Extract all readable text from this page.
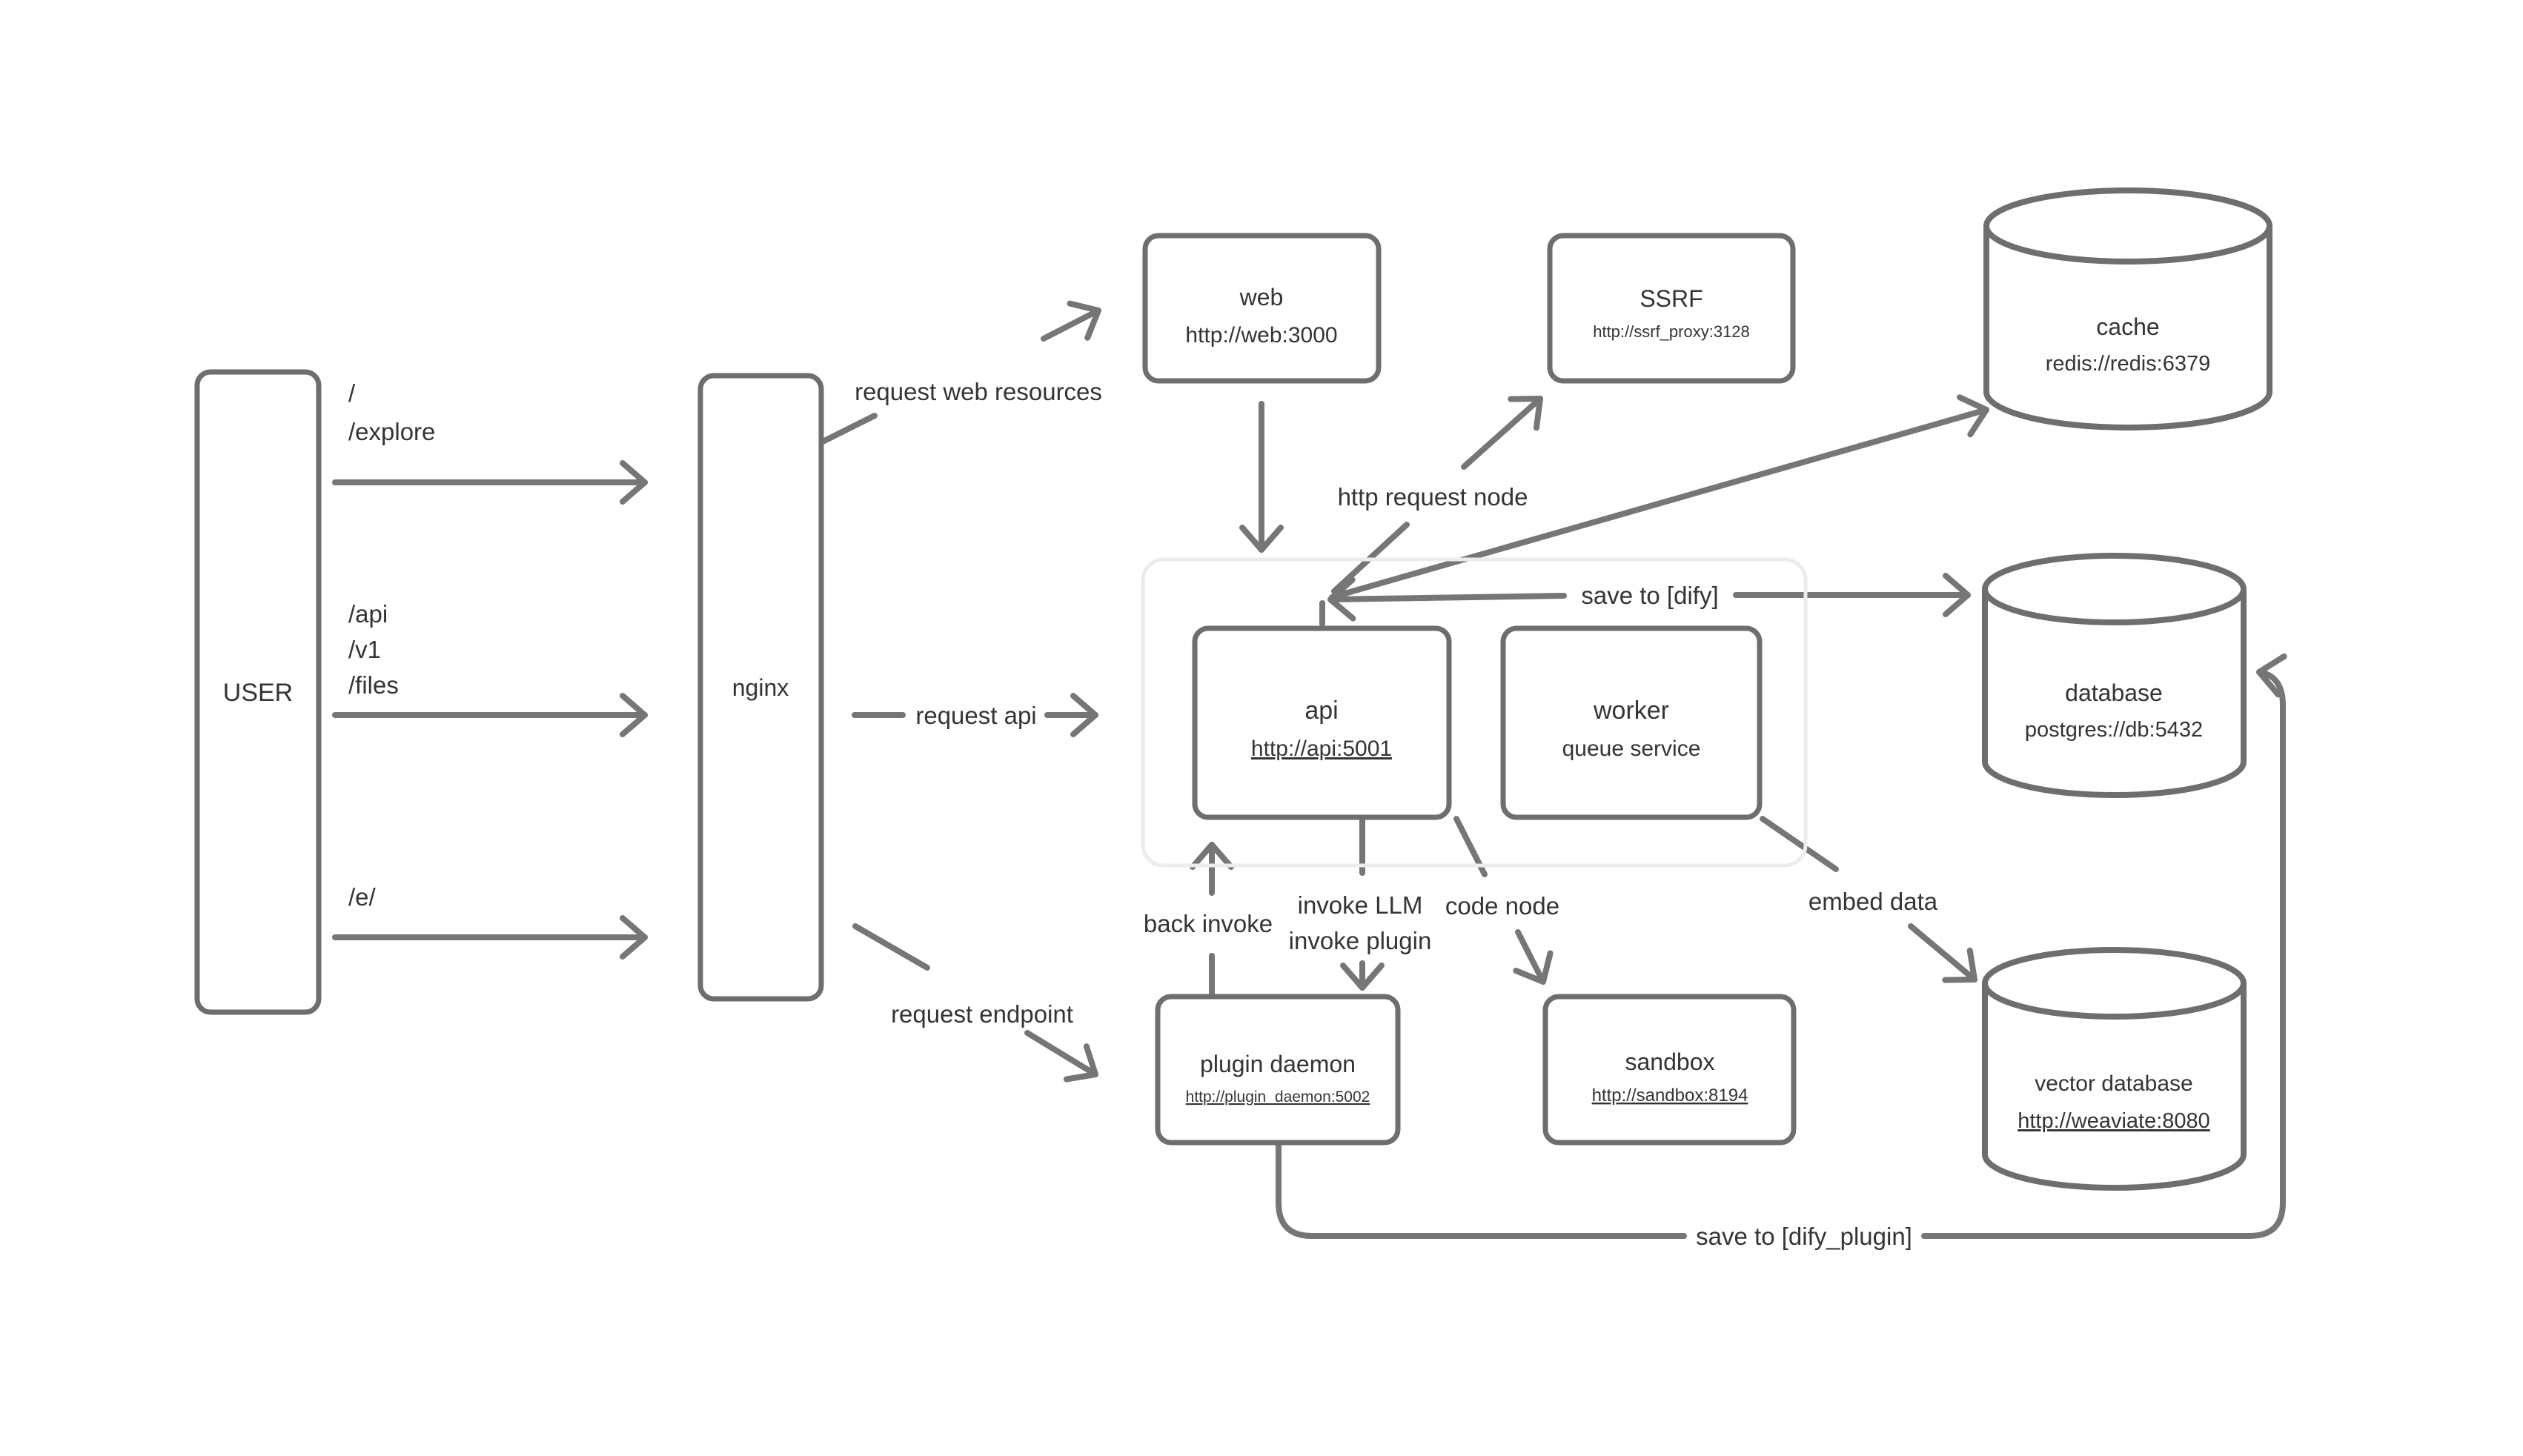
USER	nginx
web
http://web:3000
SSRF
http://ssrf_proxy:3128
api
http://api:5001
worker
queue service
plugin daemon
http://plugin_daemon:5002
sandbox
http://sandbox:8194
cache
redis://redis:6379
database
postgres://db:5432
vector database
http://weaviate:8080
/
/explore
/api
/v1
/files
/e/
request web resources
request api
request endpoint
http request node
save to [dify]
back invoke
invoke LLM
invoke plugin
code node	embed data
save to [dify_plugin]
